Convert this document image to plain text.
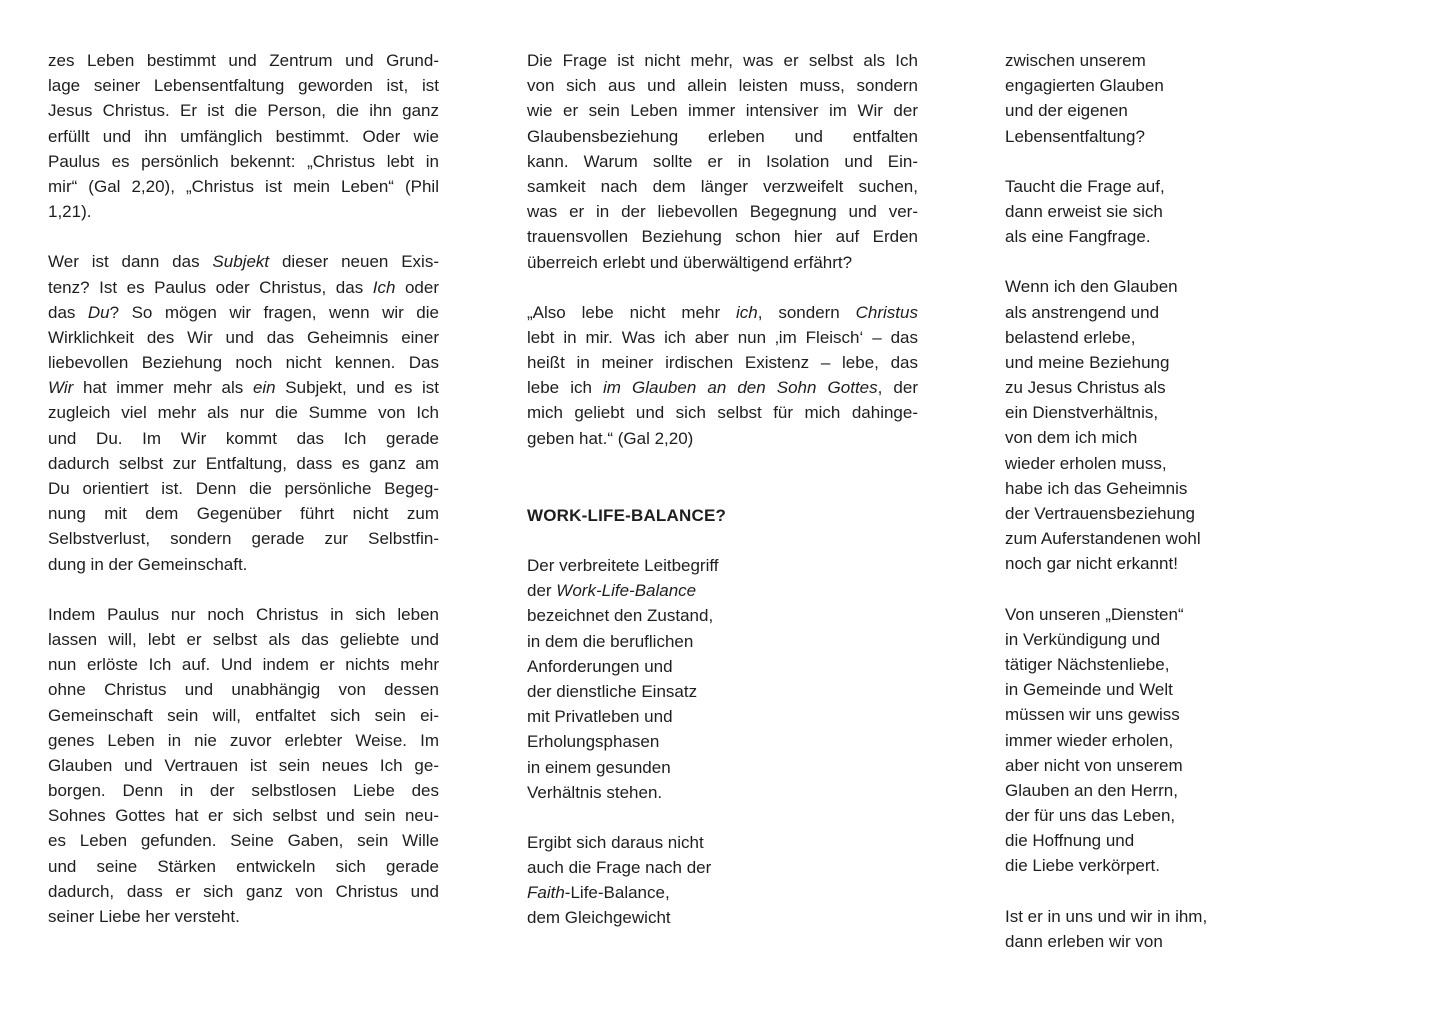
zes Leben bestimmt und Zentrum und Grund-
lage seiner Lebensentfaltung geworden ist, ist
Jesus Christus. Er ist die Person, die ihn ganz
erfüllt und ihn umfänglich bestimmt. Oder wie
Paulus es persönlich bekennt: „Christus lebt in
mir“ (Gal 2,20), „Christus ist mein Leben“ (Phil
1,21).
Wer ist dann das Subjekt dieser neuen Exis-
tenz? Ist es Paulus oder Christus, das Ich oder
das Du? So mögen wir fragen, wenn wir die
Wirklichkeit des Wir und das Geheimnis einer
liebevollen Beziehung noch nicht kennen. Das
Wir hat immer mehr als ein Subjekt, und es ist
zugleich viel mehr als nur die Summe von Ich
und Du. Im Wir kommt das Ich gerade
dadurch selbst zur Entfaltung, dass es ganz am
Du orientiert ist. Denn die persönliche Begeg-
nung mit dem Gegenüber führt nicht zum
Selbstverlust, sondern gerade zur Selbstfin-
dung in der Gemeinschaft.
Indem Paulus nur noch Christus in sich leben
lassen will, lebt er selbst als das geliebte und
nun erlöste Ich auf. Und indem er nichts mehr
ohne Christus und unabhängig von dessen
Gemeinschaft sein will, entfaltet sich sein ei-
genes Leben in nie zuvor erlebter Weise. Im
Glauben und Vertrauen ist sein neues Ich ge-
borgen. Denn in der selbstlosen Liebe des
Sohnes Gottes hat er sich selbst und sein neu-
es Leben gefunden. Seine Gaben, sein Wille
und seine Stärken entwickeln sich gerade
dadurch, dass er sich ganz von Christus und
seiner Liebe her versteht.
Die Frage ist nicht mehr, was er selbst als Ich
von sich aus und allein leisten muss, sondern
wie er sein Leben immer intensiver im Wir der
Glaubensbeziehung erleben und entfalten
kann. Warum sollte er in Isolation und Ein-
samkeit nach dem länger verzweifelt suchen,
was er in der liebevollen Begegnung und ver-
trauensvollen Beziehung schon hier auf Erden
überreich erlebt und überwältigend erfährt?
„Also lebe nicht mehr ich, sondern Christus
lebt in mir. Was ich aber nun ‚im Fleisch‘ – das
heißt in meiner irdischen Existenz – lebe, das
lebe ich im Glauben an den Sohn Gottes, der
mich geliebt und sich selbst für mich dahinge-
geben hat.“ (Gal 2,20)
WORK-LIFE-BALANCE?
Der verbreitete Leitbegriff
der Work-Life-Balance
bezeichnet den Zustand,
in dem die beruflichen
Anforderungen und
der dienstliche Einsatz
mit Privatleben und
Erholungsphasen
in einem gesunden
Verhältnis stehen.
Ergibt sich daraus nicht
auch die Frage nach der
Faith-Life-Balance,
dem Gleichgewicht
zwischen unserem
engagierten Glauben
und der eigenen
Lebensentfaltung?
Taucht die Frage auf,
dann erweist sie sich
als eine Fangfrage.
Wenn ich den Glauben
als anstrengend und
belastend erlebe,
und meine Beziehung
zu Jesus Christus als
ein Dienstverhältnis,
von dem ich mich
wieder erholen muss,
habe ich das Geheimnis
der Vertrauensbeziehung
zum Auferstandenen wohl
noch gar nicht erkannt!
Von unseren „Diensten“
in Verkündigung und
tätiger Nächstenliebe,
in Gemeinde und Welt
müssen wir uns gewiss
immer wieder erholen,
aber nicht von unserem
Glauben an den Herrn,
der für uns das Leben,
die Hoffnung und
die Liebe verkörpert.
Ist er in uns und wir in ihm,
dann erleben wir von
